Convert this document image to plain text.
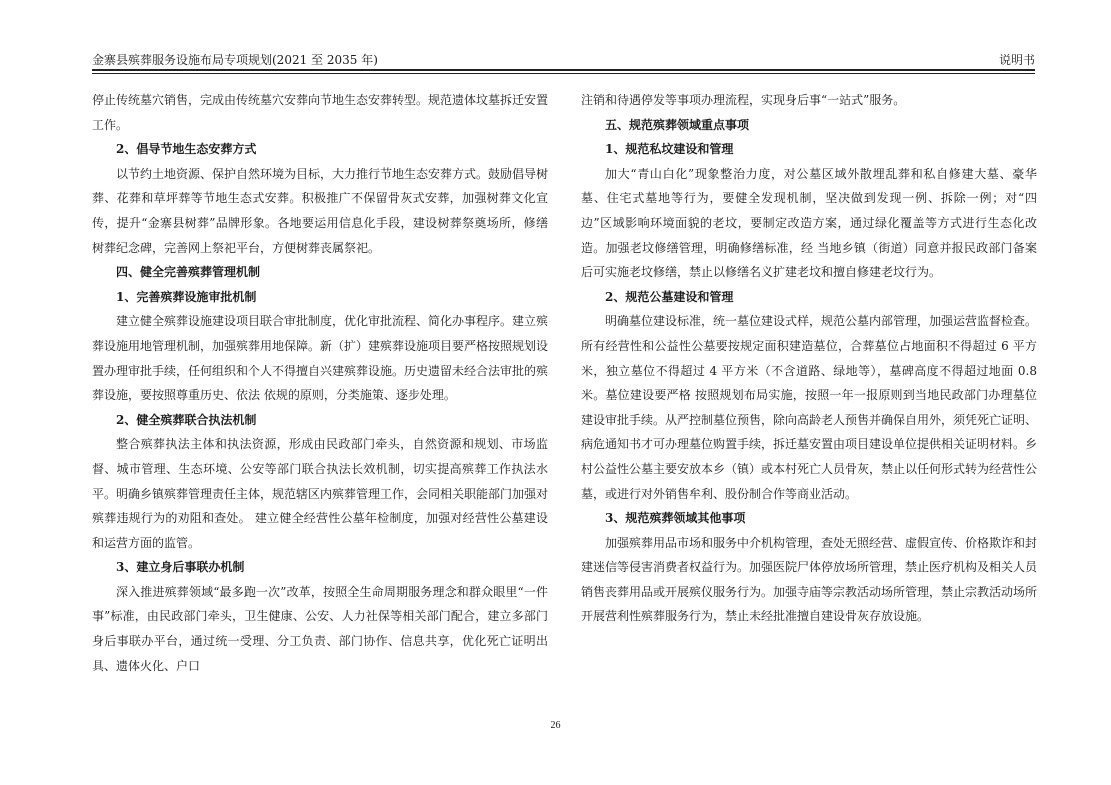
金寨县殡葬服务设施布局专项规划(2021 至 2035 年)	说明书

停止传统墓穴销售，完成由传统墓穴安葬向节地生态安葬转型。规范遗体坟墓拆迁安置工作。

2、倡导节地生态安葬方式

以节约土地资源、保护自然环境为目标，大力推行节地生态安葬方式。鼓励倡导树葬、花葬和草坪葬等节地生态式安葬。积极推广不保留骨灰式安葬，加强树葬文化宣传，提升“金寨县树葬”品牌形象。各地要运用信息化手段，建设树葬祭奠场所，修缮树葬纪念碑，完善网上祭祀平台，方便树葬丧属祭祀。

四、健全完善殡葬管理机制
1、完善殡葬设施审批机制

建立健全殡葬设施建设项目联合审批制度，优化审批流程、简化办事程序。建立殡葬设施用地管理机制，加强殡葬用地保障。新（扩）建殡葬设施项目要严格按照规划设置办理审批手续，任何组织和个人不得擅自兴建殡葬设施。历史遗留未经合法审批的殡葬设施，要按照尊重历史、依法 依规的原则，分类施策、逐步处理。

2、健全殡葬联合执法机制

整合殡葬执法主体和执法资源，形成由民政部门牵头，自然资源和规划、市场监督、城市管理、生态环境、公安等部门联合执法长效机制，切实提高殡葬工作执法水平。明确乡镇殡葬管理责任主体，规范辖区内殡葬管理工作，会同相关职能部门加强对殡葬违规行为的劝阻和查处。 建立健全经营性公墓年检制度，加强对经营性公墓建设和运营方面的监管。

3、建立身后事联办机制

深入推进殡葬领域“最多跑一次”改革，按照全生命周期服务理念和群众眼里“一件事”标准，由民政部门牵头，卫生健康、公安、人力社保等相关部门配合，建立多部门身后事联办平台，通过统一受理、分工负责、部门协作、信息共享，优化死亡证明出具、遗体火化、户口

注销和待遇停发等事项办理流程，实现身后事“一站式”服务。

五、规范殡葬领域重点事项
1、规范私坟建设和管理

加大“青山白化”现象整治力度，对公墓区域外散埋乱葬和私自修建大墓、豪华墓、住宅式墓地等行为，要健全发现机制，坚决做到发现一例、拆除一例；对“四边”区域影响环境面貌的老坟，要制定改造方案，通过绿化覆盖等方式进行生态化改造。加强老坟修缮管理，明确修缮标准，经 当地乡镇（街道）同意并报民政部门备案后可实施老坟修缮，禁止以修缮名义扩建老坟和擅自修建老坟行为。

2、规范公墓建设和管理

明确墓位建设标准，统一墓位建设式样，规范公墓内部管理，加强运营监督检查。所有经营性和公益性公墓要按规定面积建造墓位，合葬墓位占地面积不得超过 6 平方米，独立墓位不得超过 4 平方米（不含道路、绿地等），墓碑高度不得超过地面 0.8 米。墓位建设要严格 按照规划布局实施，按照一年一报原则到当地民政部门办理墓位建设审批手续。从严控制墓位预售，除向高龄老人预售并确保自用外，须凭死亡证明、病危通知书才可办理墓位购置手续，拆迁墓安置由项目建设单位提供相关证明材料。乡村公益性公墓主要安放本乡（镇）或本村死亡人员骨灰，禁止以任何形式转为经营性公墓，或进行对外销售牟利、股份制合作等商业活动。

3、规范殡葬领域其他事项

加强殡葬用品市场和服务中介机构管理，查处无照经营、虚假宣传、价格欺诈和封建迷信等侵害消费者权益行为。加强医院尸体停放场所管理，禁止医疗机构及相关人员销售丧葬用品或开展殡仪服务行为。加强寺庙等宗教活动场所管理，禁止宗教活动场所开展营利性殡葬服务行为，禁止未经批准擅自建设骨灰存放设施。

26
